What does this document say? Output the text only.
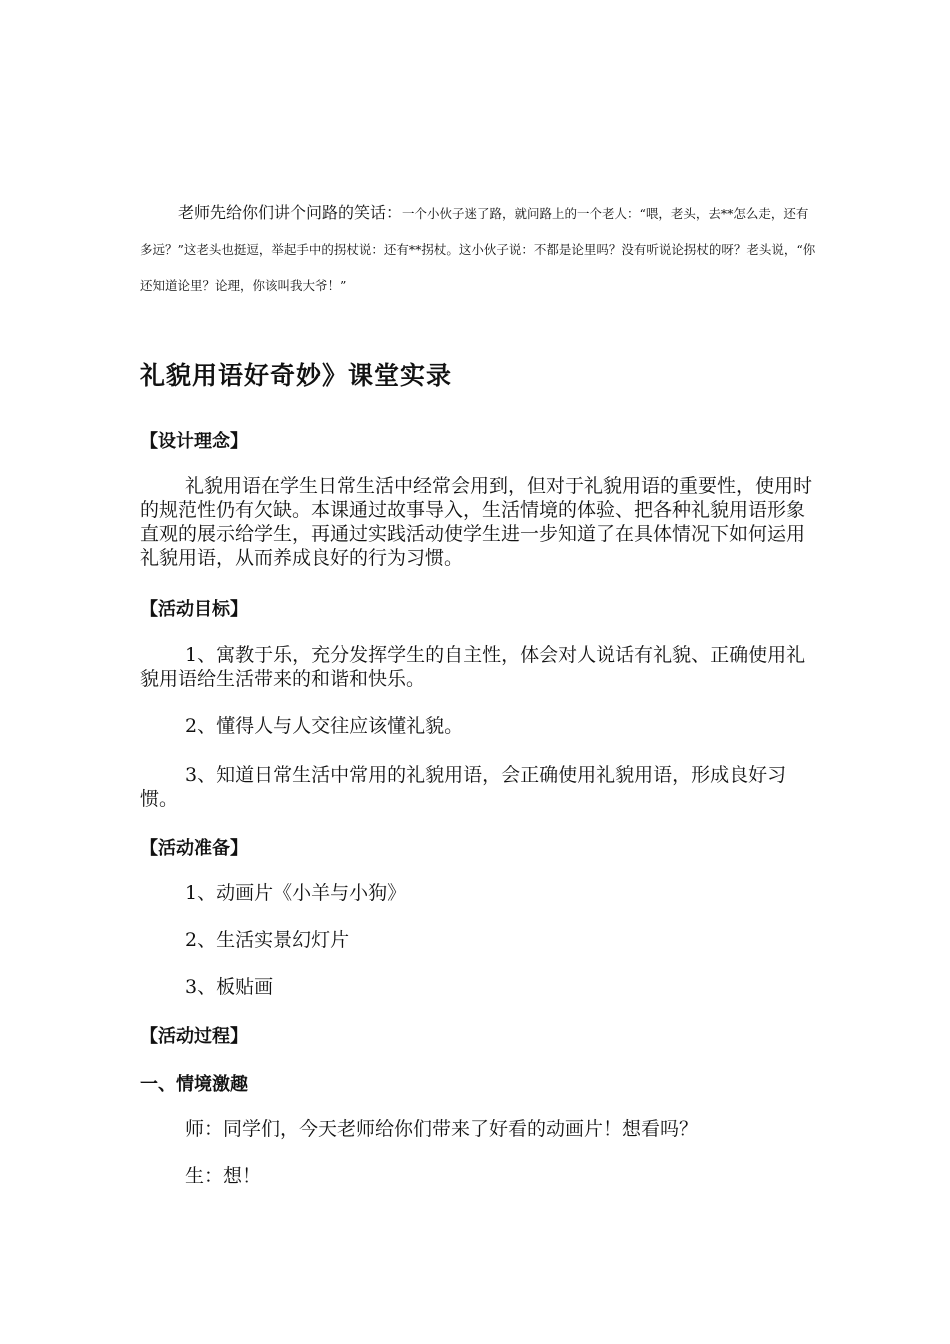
老师先给你们讲个问路的笑话：一个小伙子迷了路，就问路上的一个老人：“喂，老头，去**怎么走，还有多远？”这老头也挺逗，举起手中的拐杖说：还有**拐杖。这小伙子说：不都是论里吗？没有听说论拐杖的呀？老头说，“你还知道论里？论理，你该叫我大爷！”

礼貌用语好奇妙》课堂实录
【设计理念】

礼貌用语在学生日常生活中经常会用到，但对于礼貌用语的重要性，使用时的规范性仍有欠缺。本课通过故事导入，生活情境的体验、把各种礼貌用语形象直观的展示给学生，再通过实践活动使学生进一步知道了在具体情况下如何运用礼貌用语，从而养成良好的行为习惯。

【活动目标】

1、寓教于乐，充分发挥学生的自主性，体会对人说话有礼貌、正确使用礼貌用语给生活带来的和谐和快乐。

2、懂得人与人交往应该懂礼貌。

3、知道日常生活中常用的礼貌用语，会正确使用礼貌用语，形成良好习惯。

【活动准备】

1、动画片《小羊与小狗》

2、生活实景幻灯片

3、板贴画

【活动过程】
一、情境激趣

师：同学们，今天老师给你们带来了好看的动画片！想看吗？

生：想！
